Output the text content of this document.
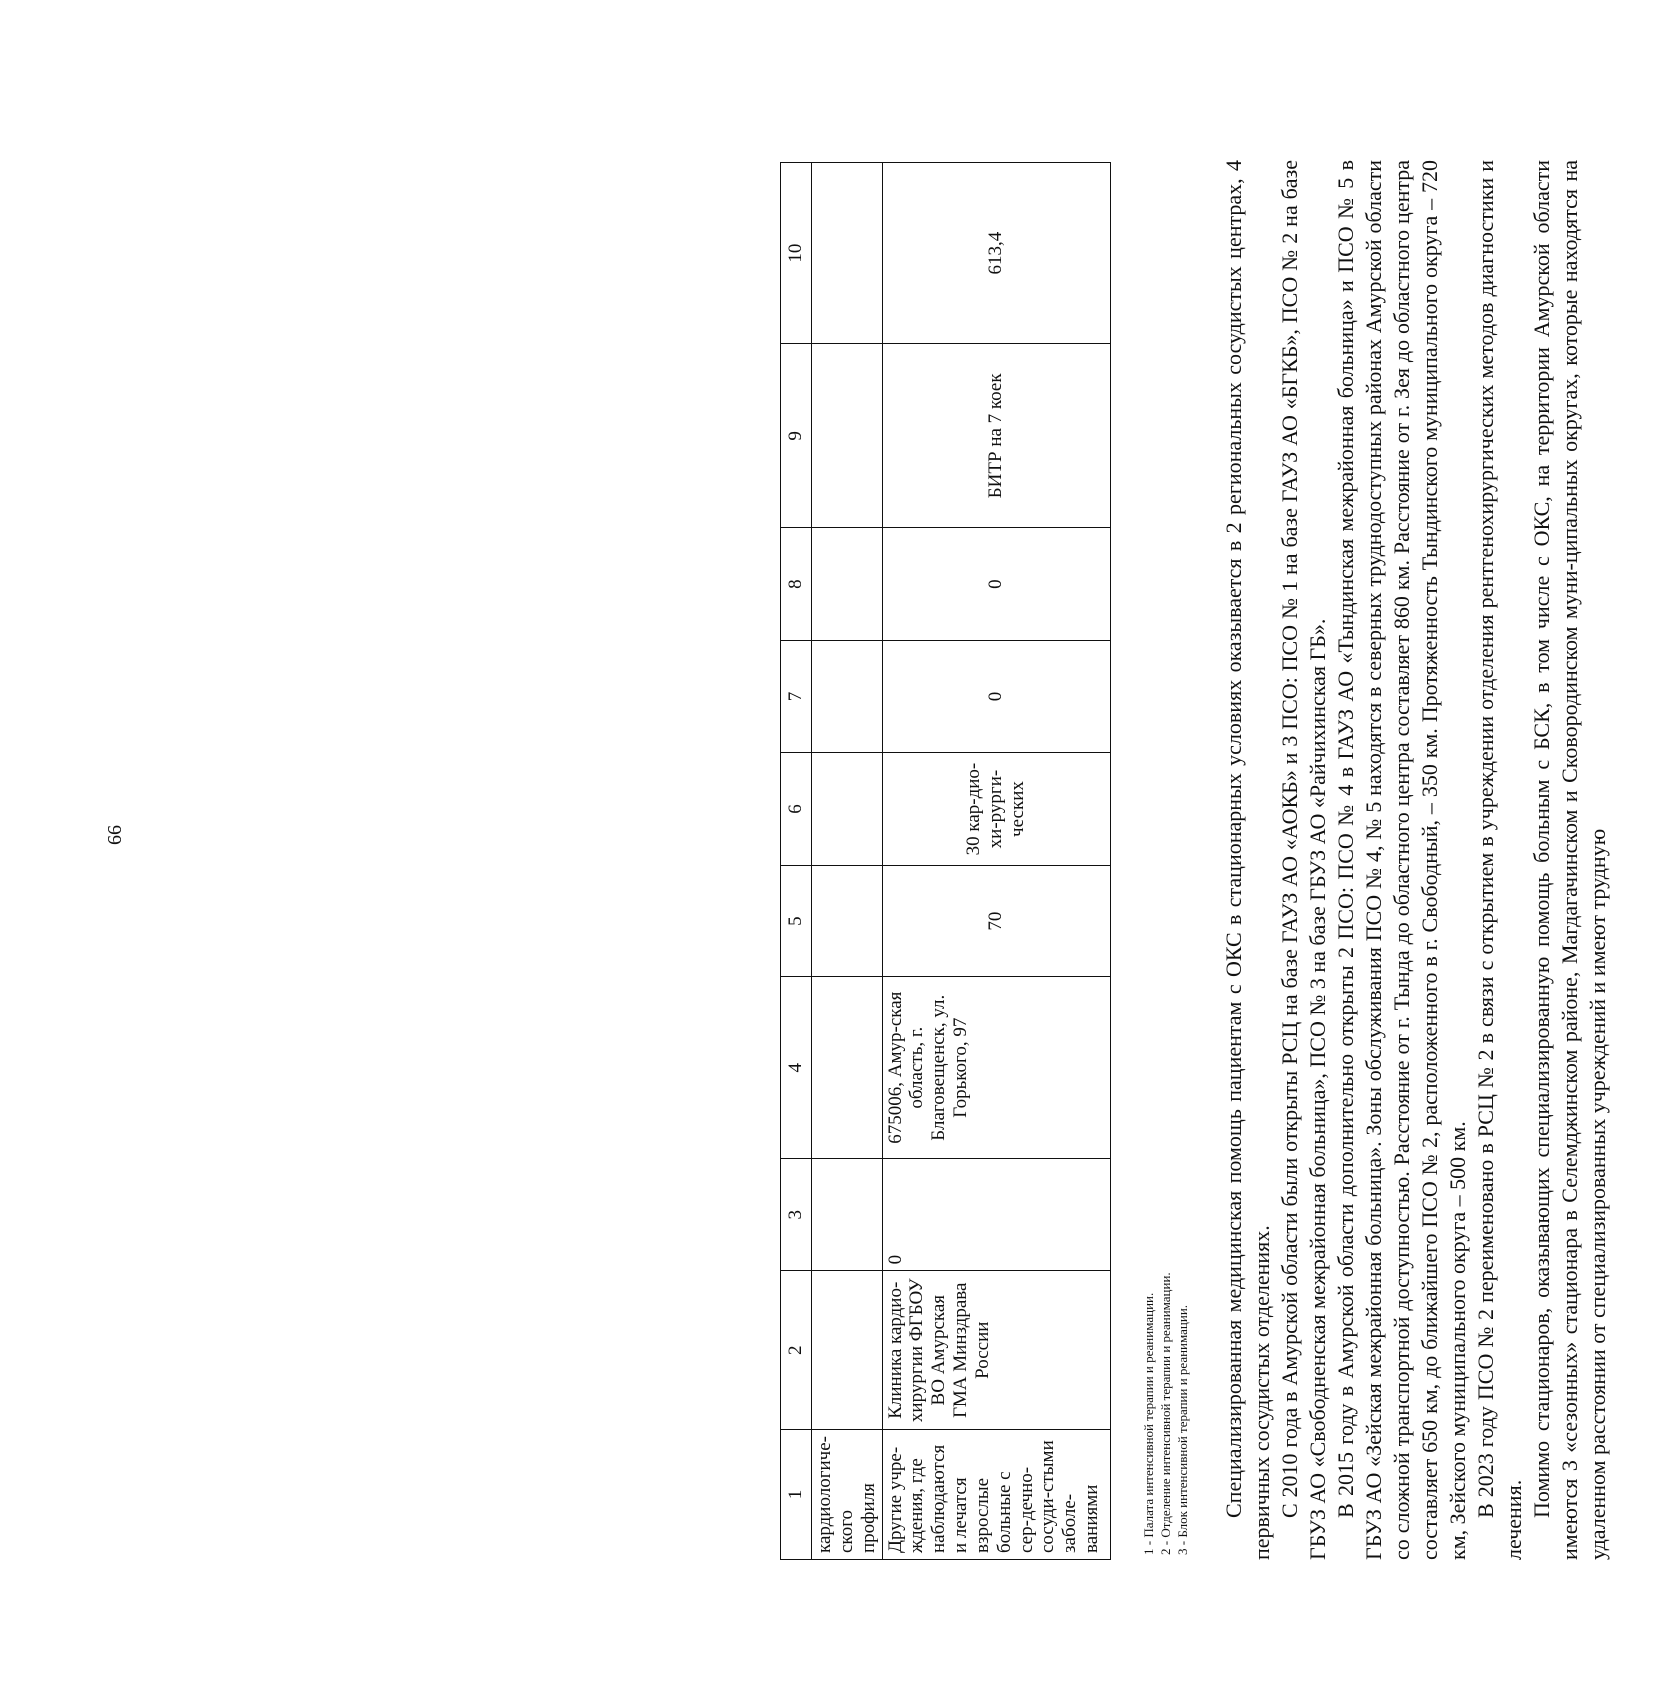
66
1	2	3	4	5	6	7	8	9	10
кардиологиче-ского профиля									
Другие учре-ждения, где наблюдаются и лечатся взрослые больные с сер-дечно-сосуди-стыми заболе-ваниями	Клиника кардио-хирургии ФГБОУ ВО Амурская ГМА Минздрава России	0	675006, Амур-ская область, г. Благовещенск, ул. Горького, 97	70	30 кар-дио-хи-рурги-ческих	0	0	БИТР на 7 коек	613,4
1 - Палата интенсивной терапии и реанимации. 2 - Отделение интенсивной терапии и реанимации. 3 - Блок интенсивной терапии и реанимации. Специализированная медицинская помощь пациентам с ОКС в стационарных условиях оказывается в 2 региональных сосудистых центрах, 4 первичных сосудистых отделениях. С 2010 года в Амурской области были открыты РСЦ на базе ГАУЗ АО «АОКБ» и 3 ПСО: ПСО № 1 на базе ГАУЗ АО «БГКБ», ПСО № 2 на базе ГБУЗ АО «Свободненская межрайонная больница», ПСО № 3 на базе ГБУЗ АО «Райчихинская ГБ». В 2015 году в Амурской области дополнительно открыты 2 ПСО: ПСО № 4 в ГАУЗ АО «Тындинская межрайонная больница» и ПСО № 5 в ГБУЗ АО «Зейская межрайонная больница». Зоны обслуживания ПСО № 4, № 5 находятся в северных труднодоступных районах Амурской области со сложной транспортной доступностью. Расстояние от г. Тында до областного центра составляет 860 км. Расстояние от г. Зея до областного центра составляет 650 км, до ближайшего ПСО № 2, расположенного в г. Свободный, – 350 км. Протяженность Тындинского муниципального округа – 720 км, Зейского муниципального округа – 500 км. В 2023 году ПСО № 2 переименовано в РСЦ № 2 в связи с открытием в учреждении отделения рентгенохирургических методов диагностики и лечения.

Помимо стационаров, оказывающих специализированную помощь больным с БСК, в том числе с ОКС, на территории Амурской области имеются 3 «сезонных» стационара в Селемджинском районе, Магдагачинском и Сковородинском муни-ципальных округах, которые находятся на удаленном расстоянии от специализированных учреждений и имеют трудную
